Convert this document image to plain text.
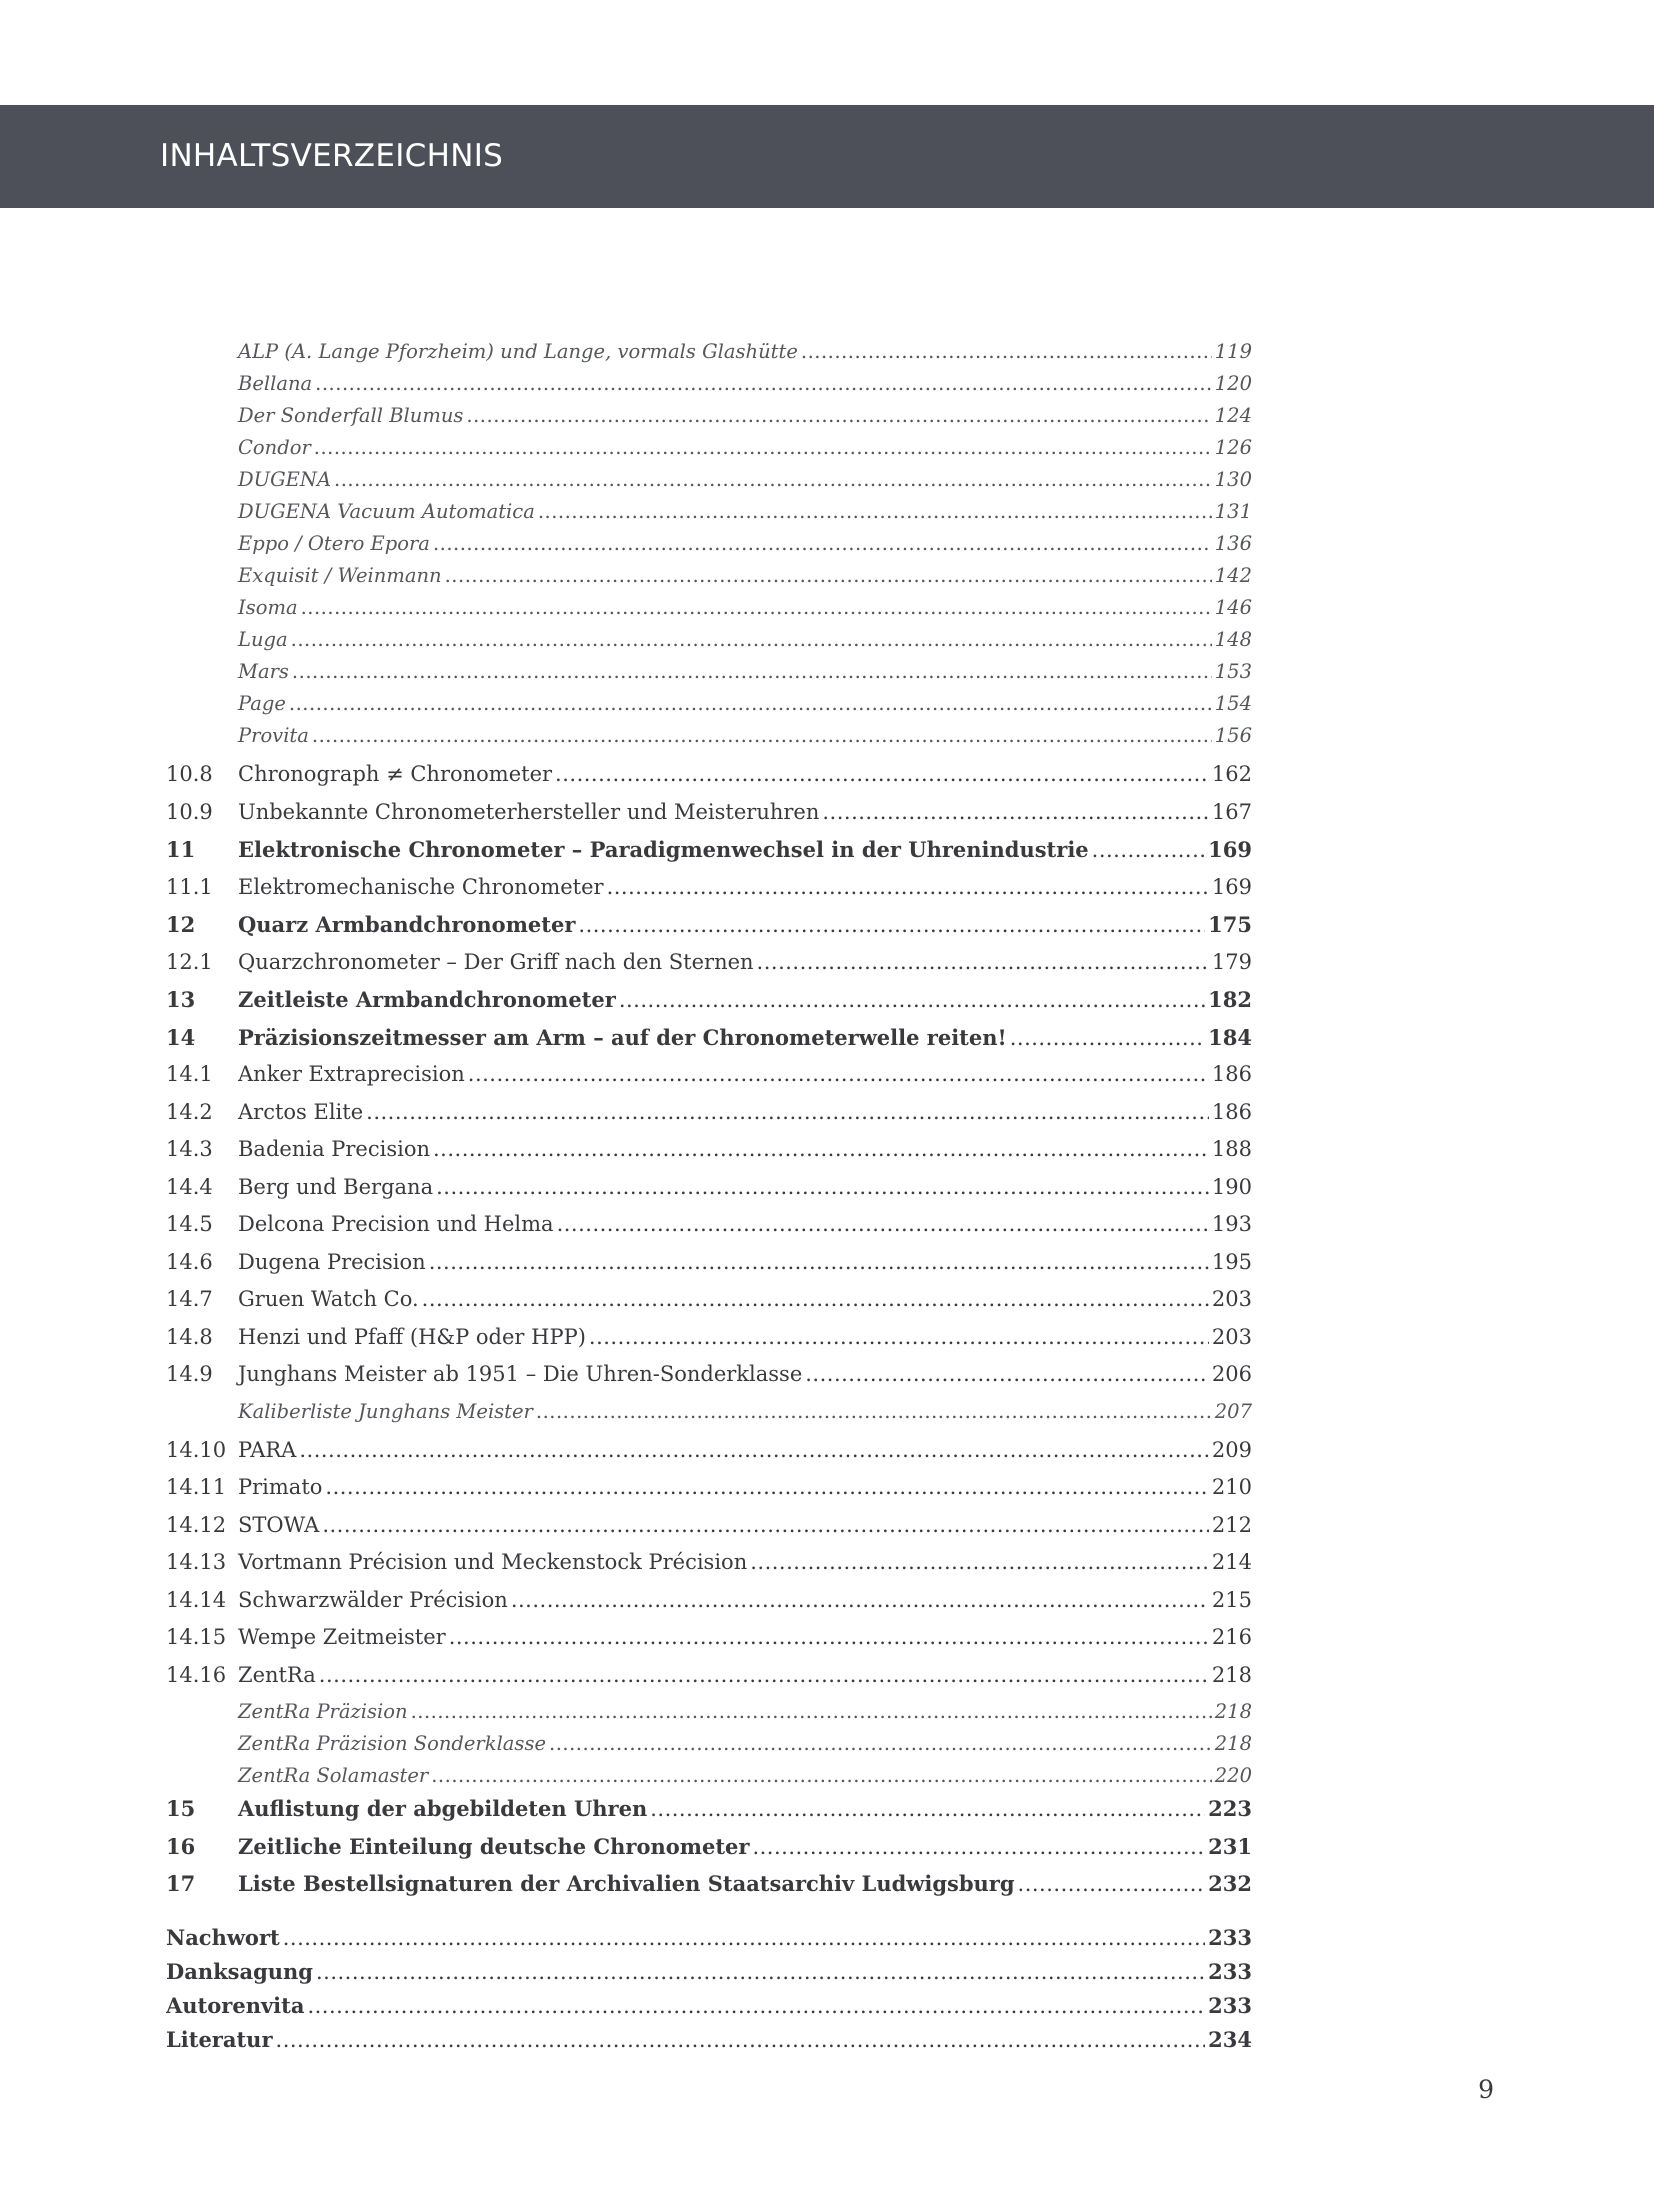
INHALTSVERZEICHNIS
ALP (A. Lange Pforzheim) und Lange, vormals Glashütte .....	119
Bellana .....	120
Der Sonderfall Blumus .....	124
Condor .....	126
DUGENA .....	130
DUGENA Vacuum Automatica .....	131
Eppo / Otero Epora .....	136
Exquisit / Weinmann .....	142
Isoma .....	146
Luga .....	148
Mars .....	153
Page .....	154
Provita .....	156
10.8	Chronograph ≠ Chronometer .....	162
10.9	Unbekannte Chronometerhersteller und Meisteruhren .....	167
11	Elektronische Chronometer – Paradigmenwechsel in der Uhrenindustrie .....	169
11.1	Elektromechanische Chronometer .....	169
12	Quarz Armbandchronometer .....	175
12.1	Quarzchronometer – Der Griff nach den Sternen .....	179
13	Zeitleiste Armbandchronometer .....	182
14	Präzisionszeitmesser am Arm – auf der Chronometerwelle reiten! .....	184
14.1	Anker Extraprecision .....	186
14.2	Arctos Elite .....	186
14.3	Badenia Precision .....	188
14.4	Berg und Bergana .....	190
14.5	Delcona Precision und Helma .....	193
14.6	Dugena Precision .....	195
14.7	Gruen Watch Co. .....	203
14.8	Henzi und Pfaff (H&P oder HPP) .....	203
14.9	Junghans Meister ab 1951 – Die Uhren-Sonderklasse .....	206
Kaliberliste Junghans Meister .....	207
14.10 PARA .....	209
14.11 Primato .....	210
14.12 STOWA .....	212
14.13 Vortmann Précision und Meckenstock Précision .....	214
14.14 Schwarzwälder Précision .....	215
14.15 Wempe Zeitmeister .....	216
14.16 ZentRa .....	218
ZentRa Präzision .....	218
ZentRa Präzision Sonderklasse .....	218
ZentRa Solamaster .....	220
15	Auflistung der abgebildeten Uhren .....	223
16	Zeitliche Einteilung deutsche Chronometer .....	231
17	Liste Bestellsignaturen der Archivalien Staatsarchiv Ludwigsburg .....	232
Nachwort .....	233
Danksagung .....	233
Autorenvita .....	233
Literatur .....	234
9
